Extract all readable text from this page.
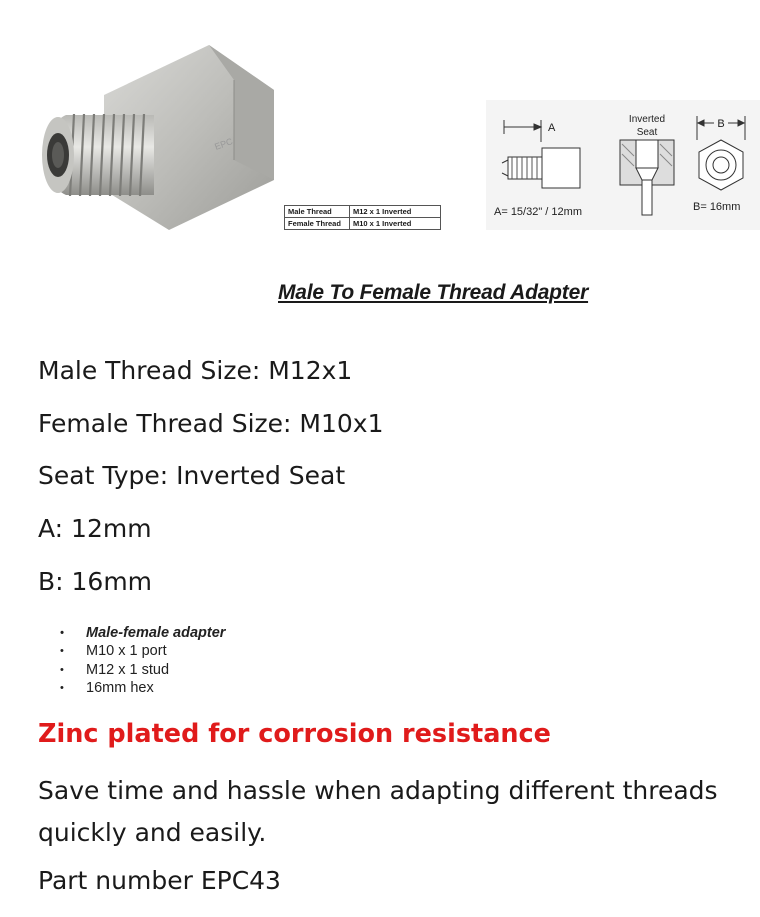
EPC
Male Thread	M12 x 1 Inverted
Female Thread	M10 x 1 Inverted
A
A= 15/32" / 12mm
Inverted
Seat
B
B= 16mm
Male To Female Thread Adapter
Male Thread Size: M12x1
Female Thread Size: M10x1
Seat Type: Inverted Seat
A: 12mm
B: 16mm
• Male-female adapter
• M10 x 1 port
• M12 x 1 stud
• 16mm hex
Zinc plated for corrosion resistance
Save time and hassle when adapting different threads quickly and easily.
Part number EPC43
